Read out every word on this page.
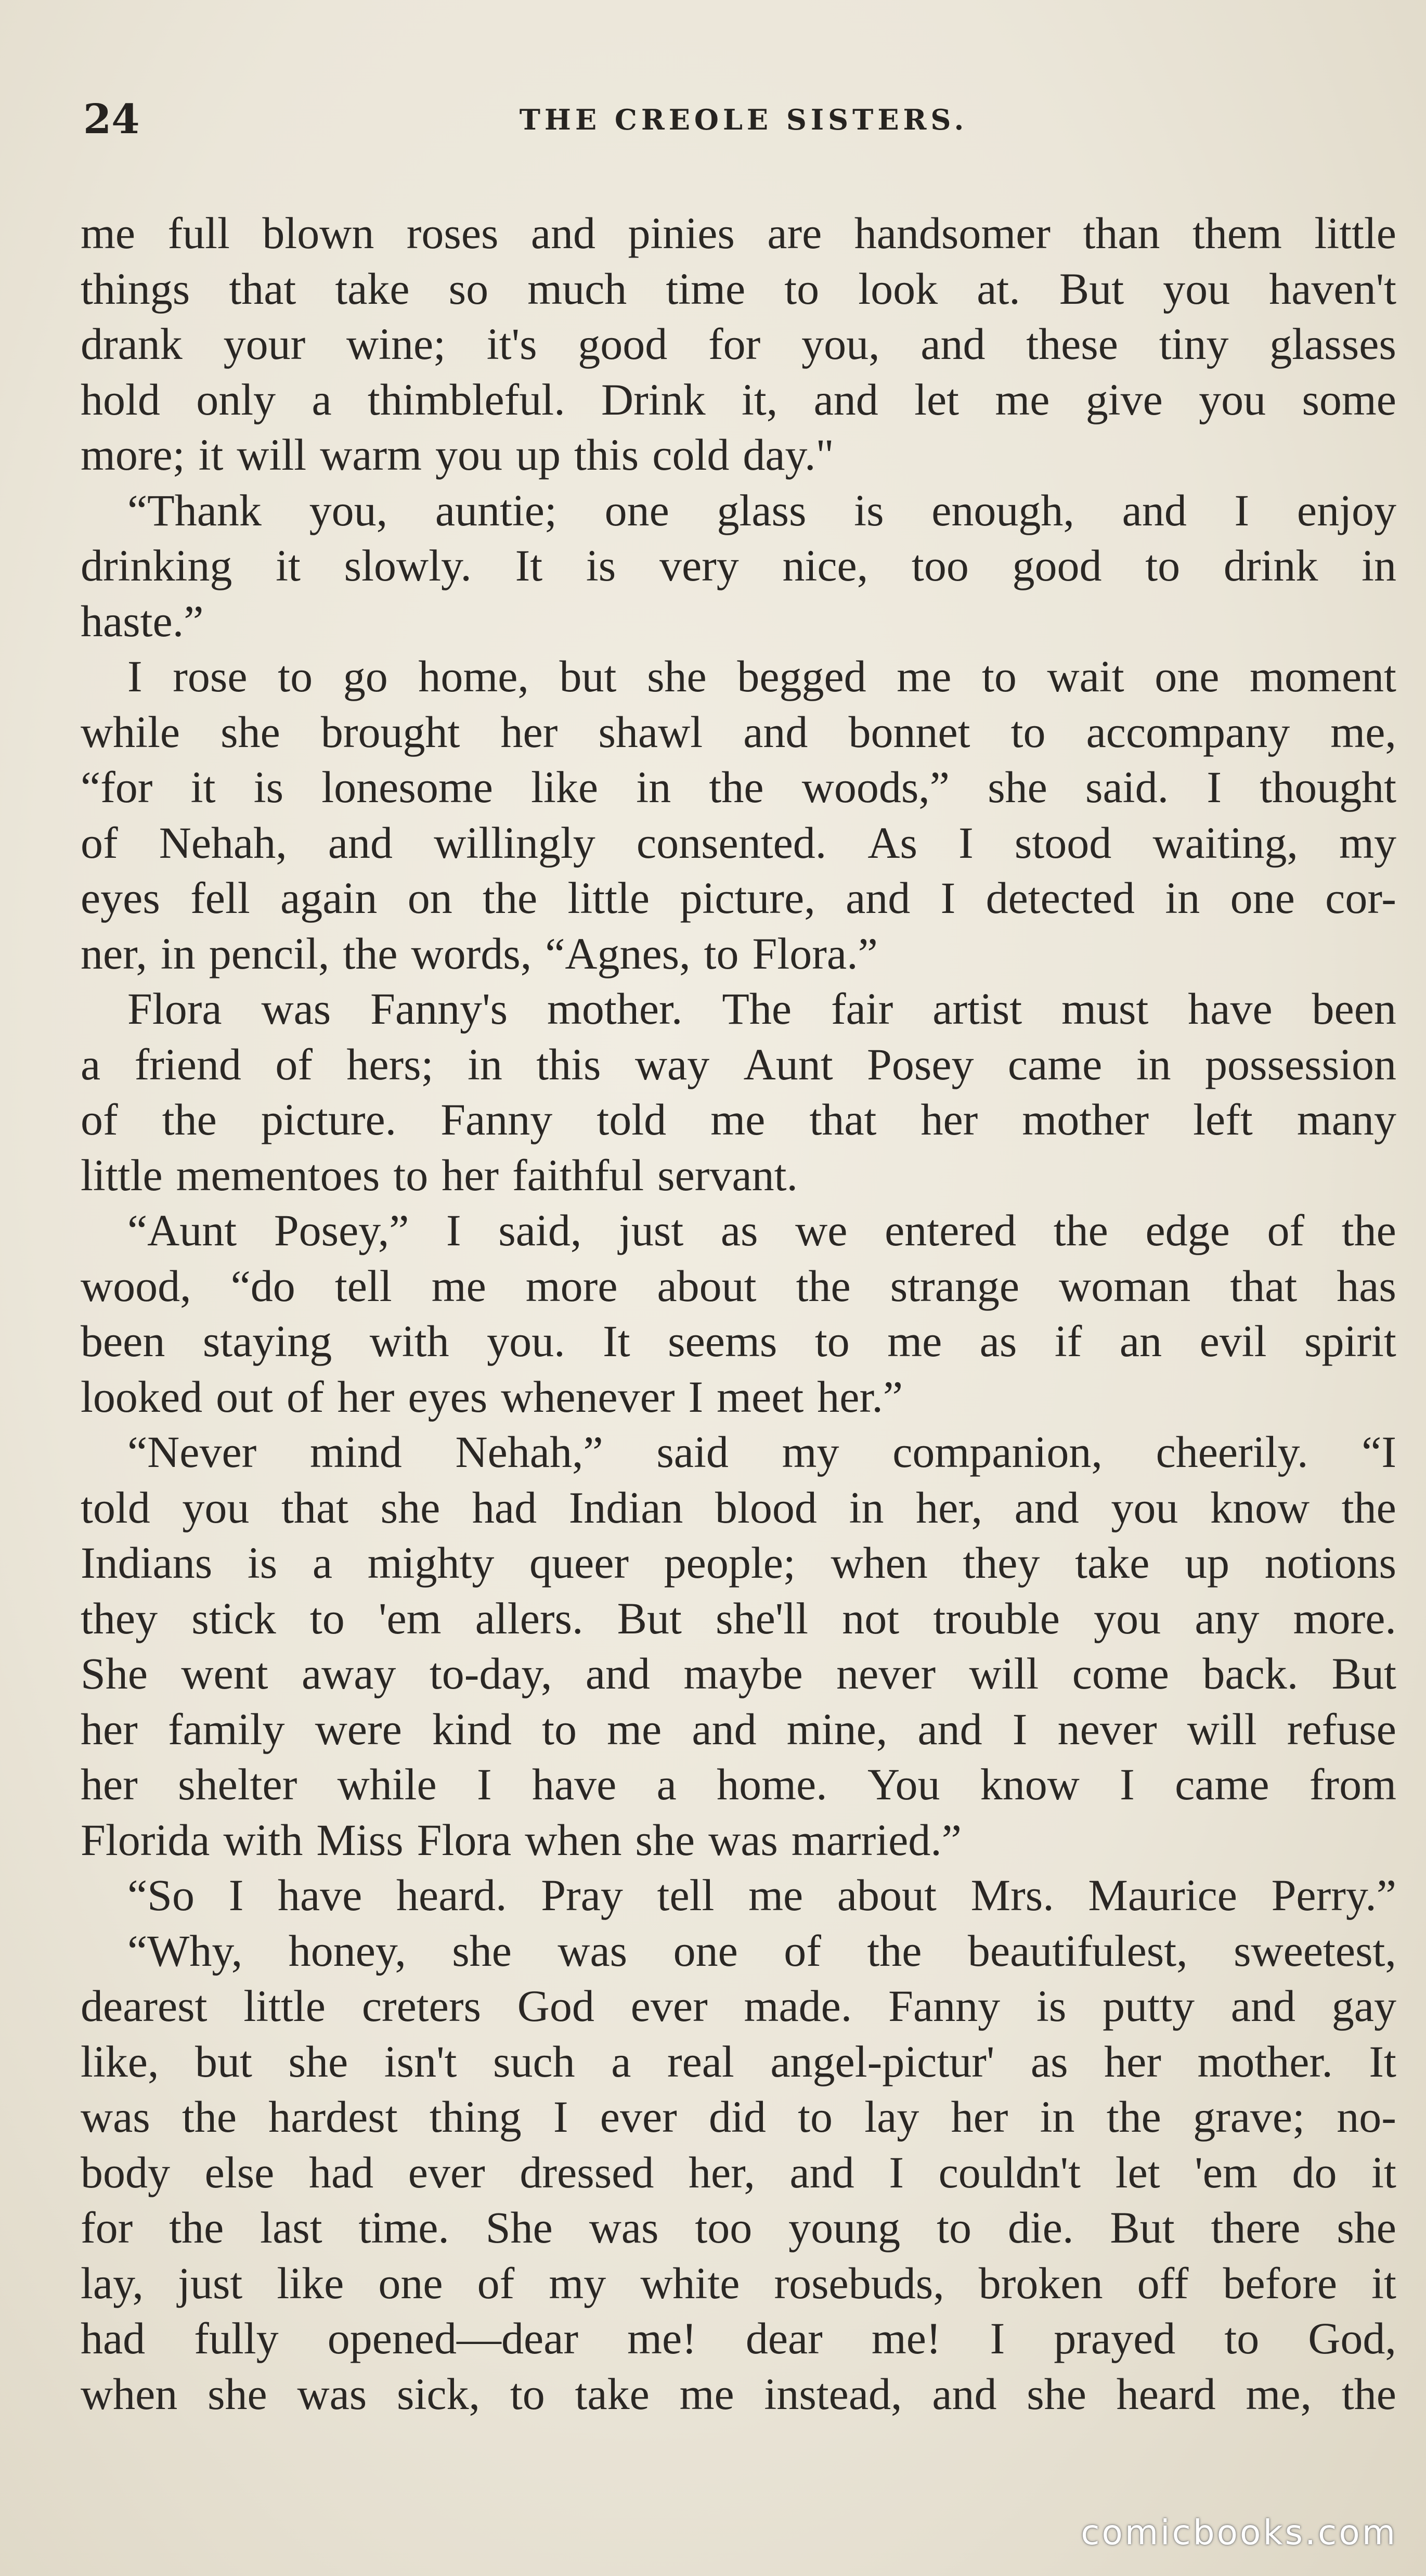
24	THE CREOLE SISTERS.
me full blown roses and pinies are handsomer than them little
things that take so much time to look at. But you haven't
drank your wine; it's good for you, and these tiny glasses
hold only a thimbleful. Drink it, and let me give you some
more; it will warm you up this cold day."
“Thank you, auntie; one glass is enough, and I enjoy
drinking it slowly. It is very nice, too good to drink in
haste.”
I rose to go home, but she begged me to wait one moment
while she brought her shawl and bonnet to accompany me,
“for it is lonesome like in the woods,” she said. I thought
of Nehah, and willingly consented. As I stood waiting, my
eyes fell again on the little picture, and I detected in one cor-
ner, in pencil, the words, “Agnes, to Flora.”
Flora was Fanny's mother. The fair artist must have been
a friend of hers; in this way Aunt Posey came in possession
of the picture. Fanny told me that her mother left many
little mementoes to her faithful servant.
“Aunt Posey,” I said, just as we entered the edge of the
wood, “do tell me more about the strange woman that has
been staying with you. It seems to me as if an evil spirit
looked out of her eyes whenever I meet her.”
“Never mind Nehah,” said my companion, cheerily. “I
told you that she had Indian blood in her, and you know the
Indians is a mighty queer people; when they take up notions
they stick to 'em allers. But she'll not trouble you any more.
She went away to-day, and maybe never will come back. But
her family were kind to me and mine, and I never will refuse
her shelter while I have a home. You know I came from
Florida with Miss Flora when she was married.”
“So I have heard. Pray tell me about Mrs. Maurice Perry.”
“Why, honey, she was one of the beautifulest, sweetest,
dearest little creters God ever made. Fanny is putty and gay
like, but she isn't such a real angel-pictur' as her mother. It
was the hardest thing I ever did to lay her in the grave; no-
body else had ever dressed her, and I couldn't let 'em do it
for the last time. She was too young to die. But there she
lay, just like one of my white rosebuds, broken off before it
had fully opened—dear me! dear me! I prayed to God,
when she was sick, to take me instead, and she heard me, the
comicbooks.com
